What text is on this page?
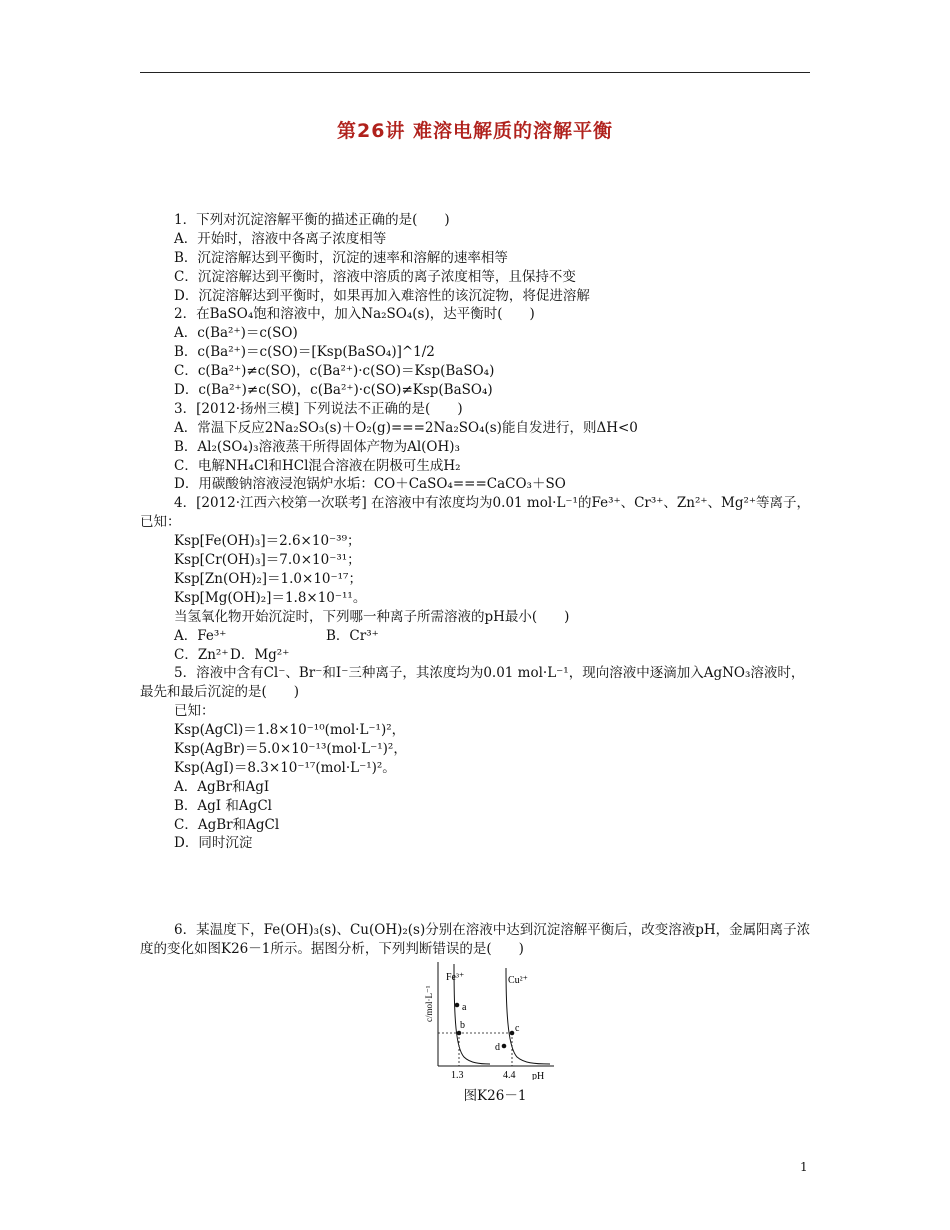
第26讲 难溶电解质的溶解平衡
1．下列对沉淀溶解平衡的描述正确的是(　　)
A．开始时，溶液中各离子浓度相等
B．沉淀溶解达到平衡时，沉淀的速率和溶解的速率相等
C．沉淀溶解达到平衡时，溶液中溶质的离子浓度相等，且保持不变
D．沉淀溶解达到平衡时，如果再加入难溶性的该沉淀物，将促进溶解
2．在BaSO₄饱和溶液中，加入Na₂SO₄(s)，达平衡时(　　)
A．c(Ba²⁺)＝c(SO)
B．c(Ba²⁺)＝c(SO)＝[Ksp(BaSO₄)]^1/2
C．c(Ba²⁺)≠c(SO)，c(Ba²⁺)·c(SO)＝Ksp(BaSO₄)
D．c(Ba²⁺)≠c(SO)，c(Ba²⁺)·c(SO)≠Ksp(BaSO₄)
3．[2012·扬州三模] 下列说法不正确的是(　　)
A．常温下反应2Na₂SO₃(s)＋O₂(g)===2Na₂SO₄(s)能自发进行，则ΔH<0
B．Al₂(SO₄)₃溶液蒸干所得固体产物为Al(OH)₃
C．电解NH₄Cl和HCl混合溶液在阴极可生成H₂
D．用碳酸钠溶液浸泡锅炉水垢：CO＋CaSO₄===CaCO₃＋SO
4．[2012·江西六校第一次联考] 在溶液中有浓度均为0.01 mol·L⁻¹的Fe³⁺、Cr³⁺、Zn²⁺、Mg²⁺等离子，已知：
Ksp[Fe(OH)₃]＝2.6×10⁻³⁹；
Ksp[Cr(OH)₃]＝7.0×10⁻³¹；
Ksp[Zn(OH)₂]＝1.0×10⁻¹⁷；
Ksp[Mg(OH)₂]＝1.8×10⁻¹¹。
当氢氧化物开始沉淀时，下列哪一种离子所需溶液的pH最小(　　)
A．Fe³⁺	B．Cr³⁺
C．Zn²⁺ D．Mg²⁺
5．溶液中含有Cl⁻、Br⁻和I⁻三种离子，其浓度均为0.01 mol·L⁻¹，现向溶液中逐滴加入AgNO₃溶液时，最先和最后沉淀的是(　　)
已知：
Ksp(AgCl)＝1.8×10⁻¹⁰(mol·L⁻¹)²，
Ksp(AgBr)＝5.0×10⁻¹³(mol·L⁻¹)²，
Ksp(AgI)＝8.3×10⁻¹⁷(mol·L⁻¹)²。
A．AgBr和AgI
B．AgI 和AgCl
C．AgBr和AgCl
D．同时沉淀
6．某温度下，Fe(OH)₃(s)、Cu(OH)₂(s)分别在溶液中达到沉淀溶解平衡后，改变溶液pH，金属阳离子浓度的变化如图K26－1所示。据图分析，下列判断错误的是(　　)
Fe³⁺	Cu²⁺
a
b	c
d
1.3	4.4 pH
c/mol·L⁻¹
图K26－1
1
